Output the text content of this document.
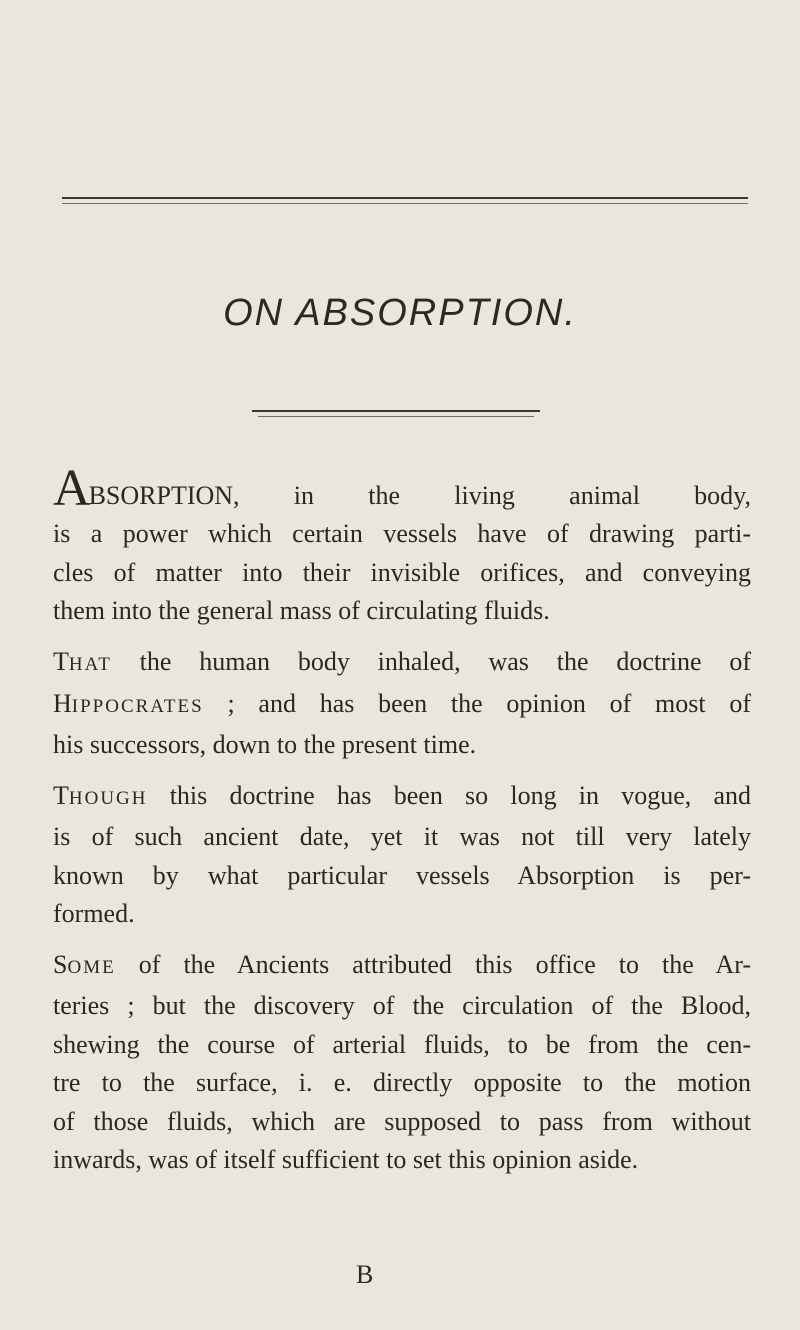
ON ABSORPTION.

ABSORPTION, in the living animal body,
is a power which certain vessels have of drawing parti-
cles of matter into their invisible orifices, and conveying
them into the general mass of circulating fluids.

THAT the human body inhaled, was the doctrine of
HIPPOCRATES ; and has been the opinion of most of
his successors, down to the present time.

THOUGH this doctrine has been so long in vogue, and
is of such ancient date, yet it was not till very lately
known by what particular vessels Absorption is per-
formed.

SOME of the Ancients attributed this office to the Ar-
teries ; but the discovery of the circulation of the Blood,
shewing the course of arterial fluids, to be from the cen-
tre to the surface, i. e. directly opposite to the motion
of those fluids, which are supposed to pass from without
inwards, was of itself sufficient to set this opinion aside.

B
